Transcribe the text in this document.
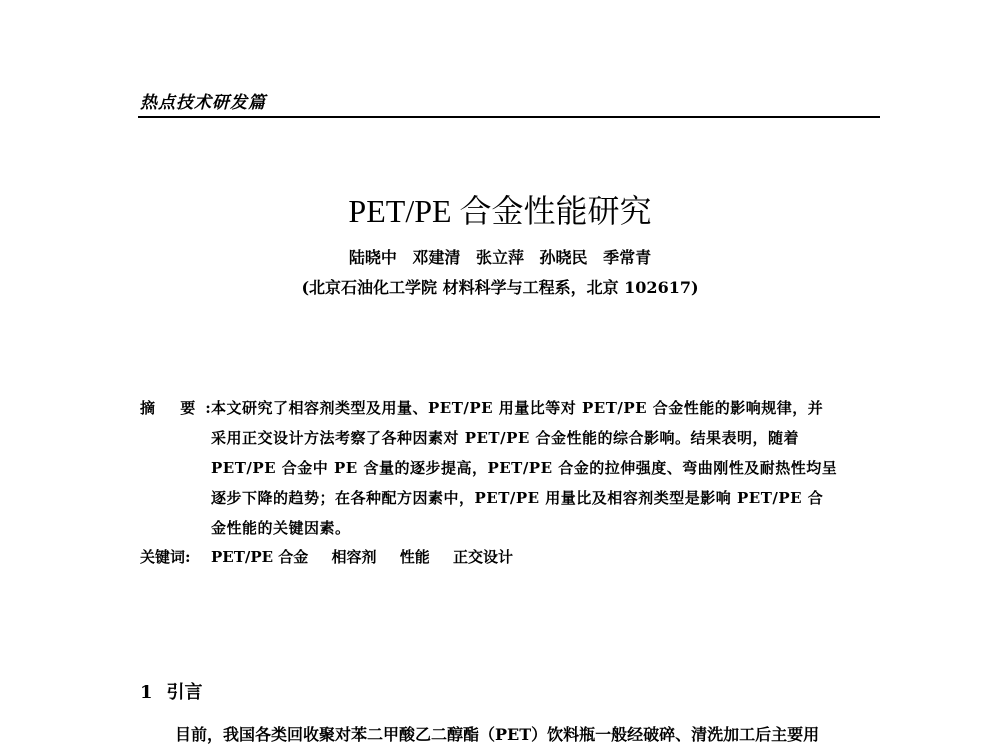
热点技术研发篇
PET/PE 合金性能研究
陆晓中 邓建清 张立萍 孙晓民 季常青
(北京石油化工学院 材料科学与工程系，北京 102617)
摘 要:
本文研究了相容剂类型及用量、PET/PE 用量比等对 PET/PE 合金性能的影响规律，并
采用正交设计方法考察了各种因素对 PET/PE 合金性能的综合影响。结果表明，随着
PET/PE 合金中 PE 含量的逐步提高，PET/PE 合金的拉伸强度、弯曲刚性及耐热性均呈
逐步下降的趋势；在各种配方因素中，PET/PE 用量比及相容剂类型是影响 PET/PE 合
金性能的关键因素。
关键词: PET/PE 合金 相容剂 性能 正交设计
1 引言
目前，我国各类回收聚对苯二甲酸乙二醇酯（PET）饮料瓶一般经破碎、清洗加工后主要用
